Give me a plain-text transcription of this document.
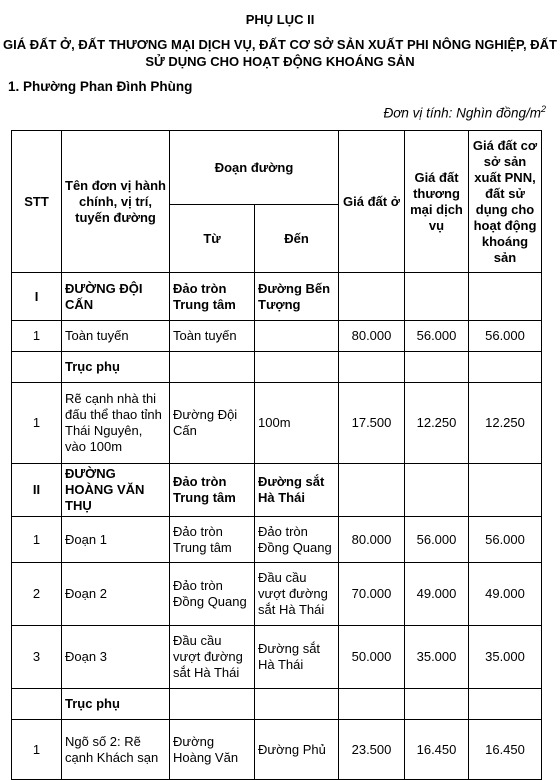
PHỤ LỤC II
GIÁ ĐẤT Ở, ĐẤT THƯƠNG MẠI DỊCH VỤ, ĐẤT CƠ SỞ SẢN XUẤT PHI NÔNG NGHIỆP, ĐẤT SỬ DỤNG CHO HOẠT ĐỘNG KHOÁNG SẢN
1. Phường Phan Đình Phùng
Đơn vị tính: Nghìn đồng/$m^2$
STT	Tên đơn vị hành chính, vị trí, tuyến đường	Đoạn đường		Giá đất ở	Giá đất thương mại dịch vụ	Giá đất cơ sở sản xuất PNN, đất sử dụng cho hoạt động khoáng sản
		Từ	Đến			
I	ĐƯỜNG ĐỘI CẤN	Đảo tròn Trung tâm	Đường Bến Tượng			
1	Toàn tuyến	Toàn tuyến		80.000	56.000	56.000
	Trục phụ					
1	Rẽ cạnh nhà thi đấu thể thao tỉnh Thái Nguyên, vào 100m	Đường Đội Cấn	100m	17.500	12.250	12.250
II	ĐƯỜNG HOÀNG VĂN THỤ	Đảo tròn Trung tâm	Đường sắt Hà Thái			
1	Đoạn 1	Đảo tròn Trung tâm	Đảo tròn Đồng Quang	80.000	56.000	56.000
2	Đoạn 2	Đảo tròn Đồng Quang	Đầu cầu vượt đường sắt Hà Thái	70.000	49.000	49.000
3	Đoạn 3	Đầu cầu vượt đường sắt Hà Thái	Đường sắt Hà Thái	50.000	35.000	35.000
	Trục phụ					
1	Ngõ số 2: Rẽ cạnh Khách sạn	Đường Hoàng Văn	Đường Phủ	23.500	16.450	16.450
